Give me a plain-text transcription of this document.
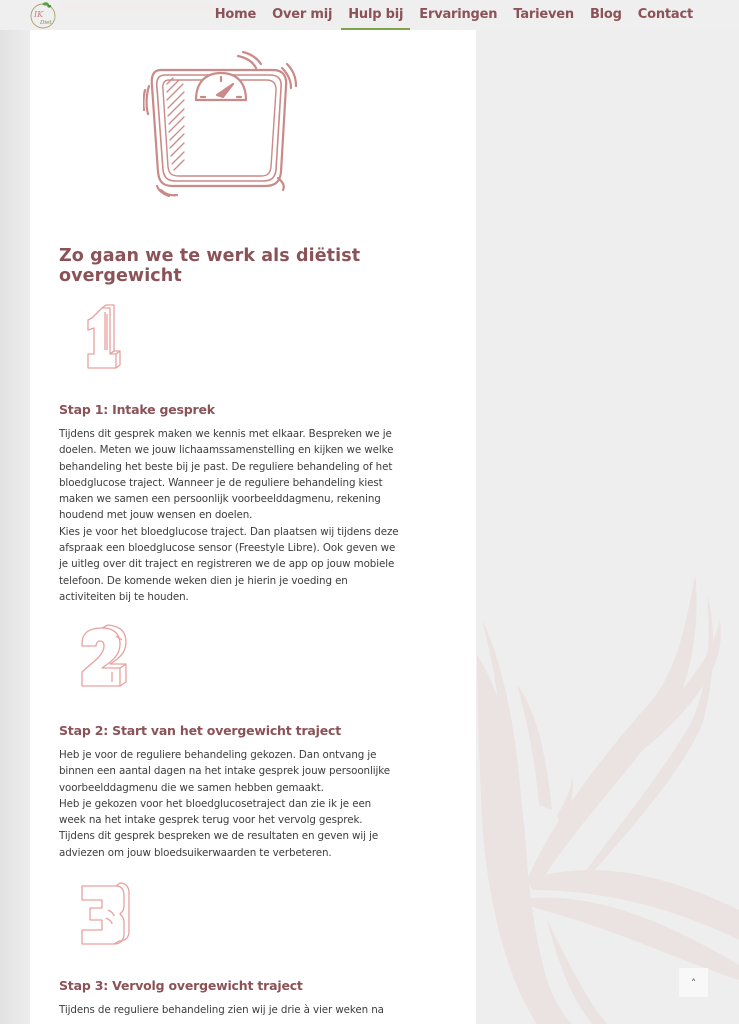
IK
Diet
Home	Over mij	Hulp bij	Ervaringen	Tarieven	Blog	Contact
Zo gaan we te werk als diëtist overgewicht
Stap 1: Intake gesprek

Tijdens dit gesprek maken we kennis met elkaar. Bespreken we je doelen. Meten we jouw lichaamssamenstelling en kijken we welke behandeling het beste bij je past. De reguliere behandeling of het bloedglucose traject. Wanneer je de reguliere behandeling kiest maken we samen een persoonlijk voorbeelddagmenu, rekening houdend met jouw wensen en doelen.

Kies je voor het bloedglucose traject. Dan plaatsen wij tijdens deze afspraak een bloedglucose sensor (Freestyle Libre). Ook geven we je uitleg over dit traject en registreren we de app op jouw mobiele telefoon. De komende weken dien je hierin je voeding en activiteiten bij te houden.

Stap 2: Start van het overgewicht traject

Heb je voor de reguliere behandeling gekozen. Dan ontvang je binnen een aantal dagen na het intake gesprek jouw persoonlijke voorbeelddagmenu die we samen hebben gemaakt.

Heb je gekozen voor het bloedglucosetraject dan zie ik je een week na het intake gesprek terug voor het vervolg gesprek. Tijdens dit gesprek bespreken we de resultaten en geven wij je adviezen om jouw bloedsuikerwaarden te verbeteren.

Stap 3: Vervolg overgewicht traject

Tijdens de reguliere behandeling zien wij je drie à vier weken na

˄
